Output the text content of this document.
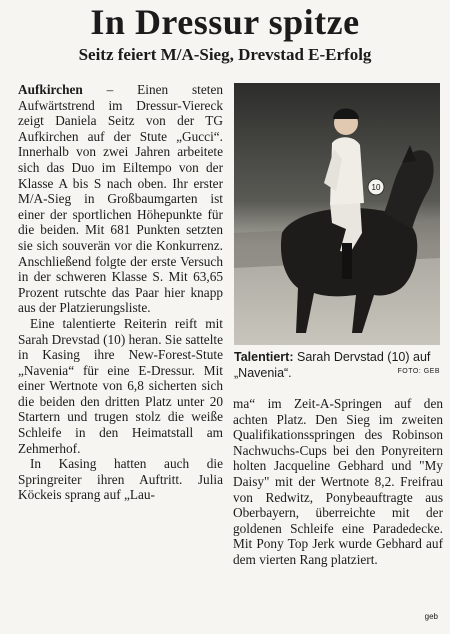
In Dressur spitze
Seitz feiert M/A-Sieg, Drevstad E-Erfolg

Aufkirchen – Einen steten Aufwärtstrend im Dressur-Viereck zeigt Daniela Seitz von der TG Aufkirchen auf der Stute „Gucci“. Innerhalb von zwei Jahren arbeitete sich das Duo im Eiltempo von der Klasse A bis S nach oben. Ihr erster M/A-Sieg in Großbaumgarten ist einer der sportlichen Höhepunkte für die beiden. Mit 681 Punkten setzten sie sich souverän vor die Konkurrenz. Anschließend folgte der erste Versuch in der schweren Klasse S. Mit 63,65 Prozent rutschte das Paar hier knapp aus der Platzierungsliste.

Eine talentierte Reiterin reift mit Sarah Drevstad (10) heran. Sie sattelte in Kasing ihre New-Forest-Stute „Navenia“ für eine E-Dressur. Mit einer Wertnote von 6,8 sicherten sich die beiden den dritten Platz unter 20 Startern und trugen stolz die weiße Schleife in den Heimatstall am Zehmerhof.

In Kasing hatten auch die Springreiter ihren Auftritt. Julia Köckeis sprang auf „Lau-

10
Talentiert: Sarah Dervstad (10) auf „Navenia“.	FOTO: GEB

ma“ im Zeit-A-Springen auf den achten Platz. Den Sieg im zweiten Qualifikationsspringen des Robinson Nachwuchs-Cups bei den Ponyreitern holten Jacqueline Gebhard und "My Daisy" mit der Wertnote 8,2. Freifrau von Redwitz, Ponybeauftragte aus Oberbayern, überreichte mit der goldenen Schleife eine Paradedecke. Mit Pony Top Jerk wurde Gebhard auf dem vierten Rang platziert.

geb
